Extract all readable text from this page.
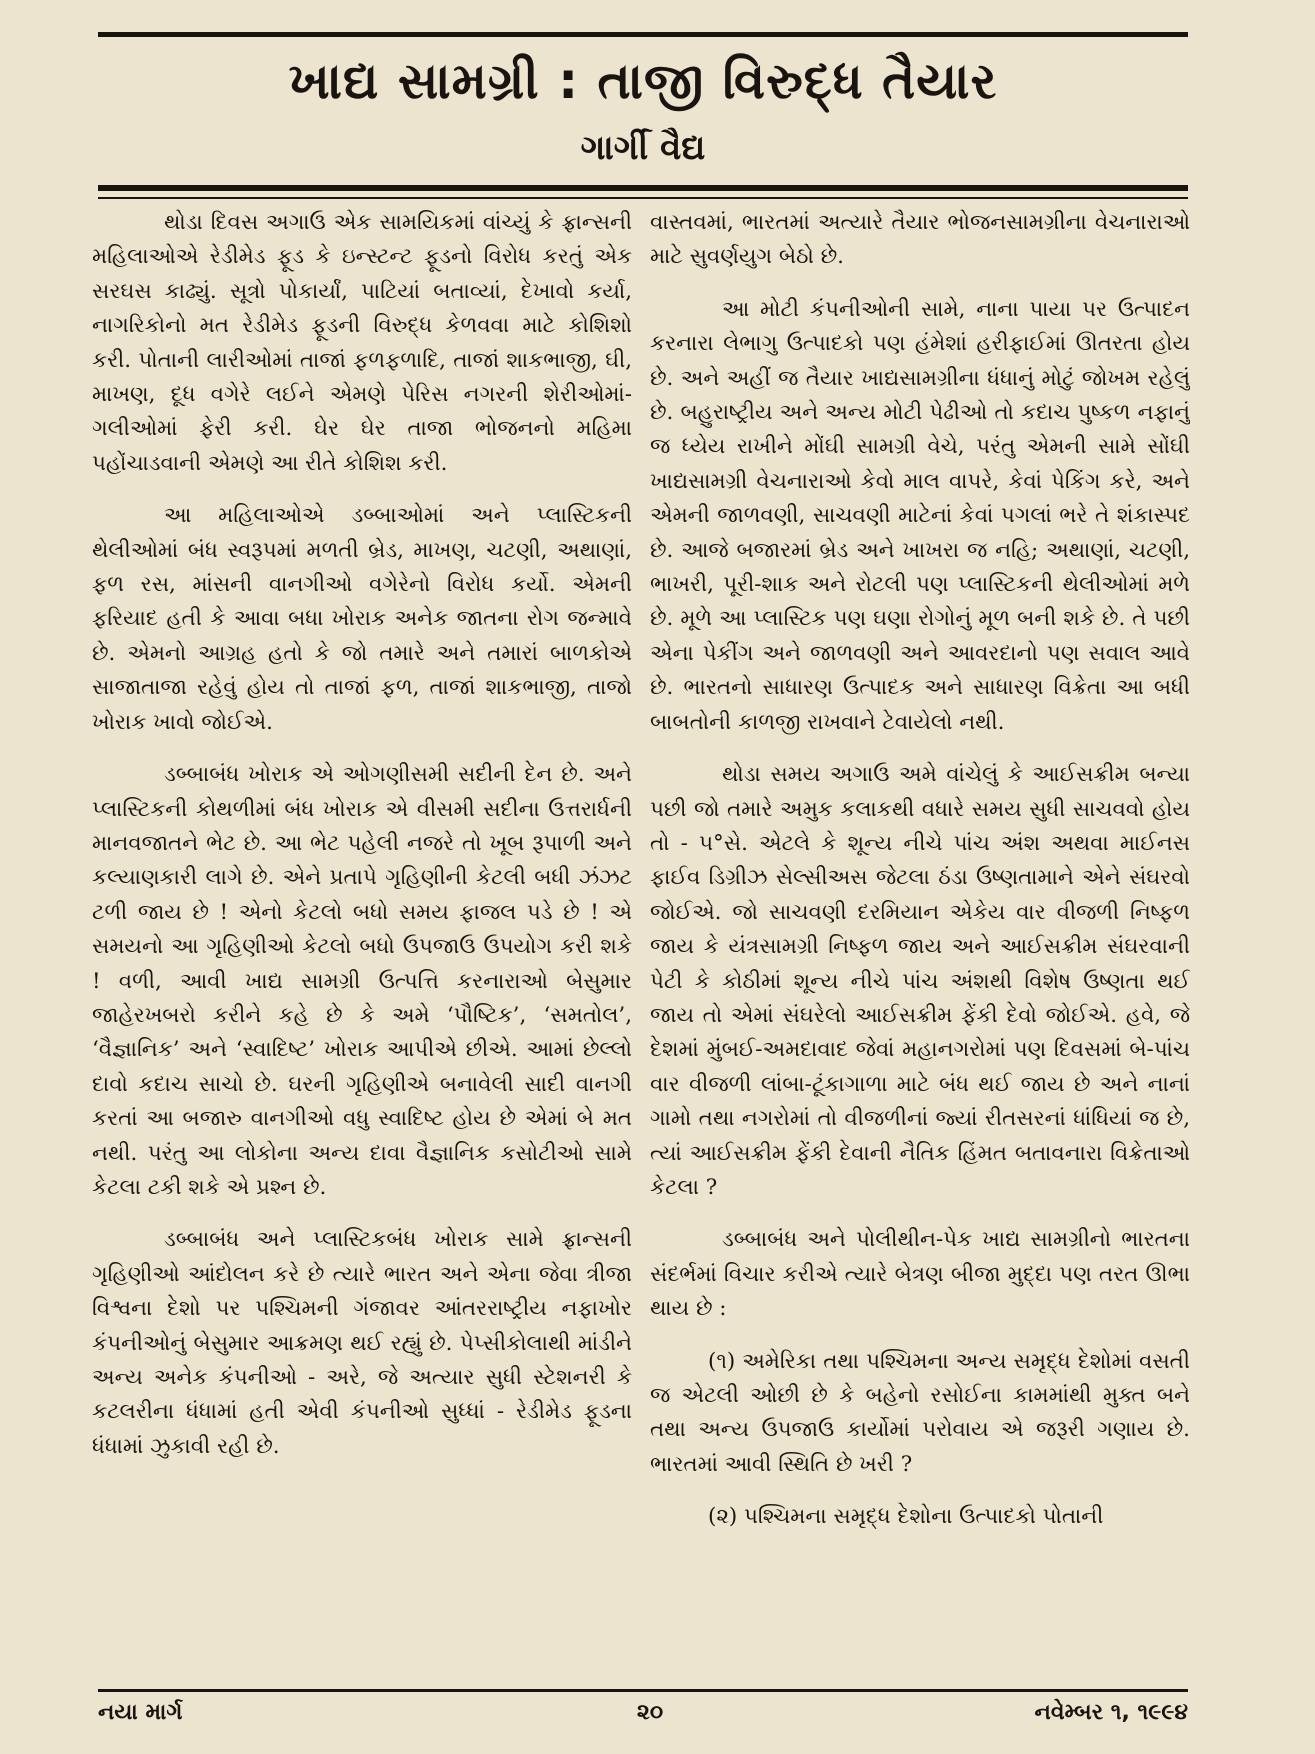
ખાદ્ય સામગ્રી : તાજી વિરુદ્ધ તૈયાર
ગાર્ગી વૈદ્ય

થોડા દિવસ અગાઉ એક સામયિકમાં વાંચ્યું કે ફ્રાન્સની મહિલાઓએ રેડીમેડ ફૂડ કે ઇન્સ્ટન્ટ ફૂડનો વિરોધ કરતું એક સરઘસ કાઢ્યું. સૂત્રો પોકાર્યાં, પાટિયાં બતાવ્યાં, દેખાવો કર્યા, નાગરિકોનો મત રેડીમેડ ફૂડની વિરુદ્ધ કેળવવા માટે કોશિશો કરી. પોતાની લારીઓમાં તાજાં ફળફળાદિ, તાજાં શાકભાજી, ઘી, માખણ, દૂધ વગેરે લઈને એમણે પેરિસ નગરની શેરીઓમાં-ગલીઓમાં ફેરી કરી. ઘેર ઘેર તાજા ભોજનનો મહિમા પહોંચાડવાની એમણે આ રીતે કોશિશ કરી.

આ મહિલાઓએ ડબ્બાઓમાં અને પ્લાસ્ટિકની થેલીઓમાં બંધ સ્વરૂપમાં મળતી બ્રેડ, માખણ, ચટણી, અથાણાં, ફળ રસ, માંસની વાનગીઓ વગેરેનો વિરોધ કર્યો. એમની ફરિયાદ હતી કે આવા બધા ખોરાક અનેક જાતના રોગ જન્માવે છે. એમનો આગ્રહ હતો કે જો તમારે અને તમારાં બાળકોએ સાજાતાજા રહેવું હોય તો તાજાં ફળ, તાજાં શાકભાજી, તાજો ખોરાક ખાવો જોઈએ.

ડબ્બાબંધ ખોરાક એ ઓગણીસમી સદીની દેન છે. અને પ્લાસ્ટિકની કોથળીમાં બંધ ખોરાક એ વીસમી સદીના ઉત્તરાર્ધની માનવજાતને ભેટ છે. આ ભેટ પહેલી નજરે તો ખૂબ રૂપાળી અને કલ્યાણકારી લાગે છે. એને પ્રતાપે ગૃહિણીની કેટલી બધી ઝંઝટ ટળી જાય છે ! એનો કેટલો બધો સમય ફાજલ પડે છે ! એ સમયનો આ ગૃહિણીઓ કેટલો બધો ઉપજાઉ ઉપયોગ કરી શકે ! વળી, આવી ખાદ્ય સામગ્રી ઉત્પત્તિ કરનારાઓ બેસુમાર જાહેરખબરો કરીને કહે છે કે અમે ‘પૌષ્ટિક’, ‘સમતોલ’, ‘વૈજ્ઞાનિક’ અને ‘સ્વાદિષ્ટ’ ખોરાક આપીએ છીએ. આમાં છેલ્લો દાવો કદાચ સાચો છે. ઘરની ગૃહિણીએ બનાવેલી સાદી વાનગી કરતાં આ બજારુ વાનગીઓ વધુ સ્વાદિષ્ટ હોય છે એમાં બે મત નથી. પરંતુ આ લોકોના અન્ય દાવા વૈજ્ઞાનિક કસોટીઓ સામે કેટલા ટકી શકે એ પ્રશ્ન છે.

ડબ્બાબંધ અને પ્લાસ્ટિકબંધ ખોરાક સામે ફ્રાન્સની ગૃહિણીઓ આંદોલન કરે છે ત્યારે ભારત અને એના જેવા ત્રીજા વિશ્વના દેશો પર પશ્ચિમની ગંજાવર આંતરરાષ્ટ્રીય નફાખોર કંપનીઓનું બેસુમાર આક્રમણ થઈ રહ્યું છે. પેપ્સીકોલાથી માંડીને અન્ય અનેક કંપનીઓ - અરે, જે અત્યાર સુધી સ્ટેશનરી કે કટલરીના ધંધામાં હતી એવી કંપનીઓ સુધ્ધાં - રેડીમેડ ફૂડના ધંધામાં ઝુકાવી રહી છે.

વાસ્તવમાં, ભારતમાં અત્યારે તૈયાર ભોજનસામગ્રીના વેચનારાઓ માટે સુવર્ણયુગ બેઠો છે.

આ મોટી કંપનીઓની સામે, નાના પાયા પર ઉત્પાદન કરનારા લેભાગુ ઉત્પાદકો પણ હંમેશાં હરીફાઈમાં ઊતરતા હોય છે. અને અહીં જ તૈયાર ખાદ્યસામગ્રીના ધંધાનું મોટું જોખમ રહેલું છે. બહુરાષ્ટ્રીય અને અન્ય મોટી પેઢીઓ તો કદાચ પુષ્કળ નફાનું જ ધ્યેય રાખીને મોંઘી સામગ્રી વેચે, પરંતુ એમની સામે સોંઘી ખાદ્યસામગ્રી વેચનારાઓ કેવો માલ વાપરે, કેવાં પેકિંગ કરે, અને એમની જાળવણી, સાચવણી માટેનાં કેવાં પગલાં ભરે તે શંકાસ્પદ છે. આજે બજારમાં બ્રેડ અને ખાખરા જ નહિ; અથાણાં, ચટણી, ભાખરી, પૂરી-શાક અને રોટલી પણ પ્લાસ્ટિકની થેલીઓમાં મળે છે. મૂળે આ પ્લાસ્ટિક પણ ઘણા રોગોનું મૂળ બની શકે છે. તે પછી એના પેકીંગ અને જાળવણી અને આવરદાનો પણ સવાલ આવે છે. ભારતનો સાધારણ ઉત્પાદક અને સાધારણ વિક્રેતા આ બધી બાબતોની કાળજી રાખવાને ટેવાયેલો નથી.

થોડા સમય અગાઉ અમે વાંચેલું કે આઈસક્રીમ બન્યા પછી જો તમારે અમુક કલાકથી વધારે સમય સુધી સાચવવો હોય તો - ૫°સે. એટલે કે શૂન્ય નીચે પાંચ અંશ અથવા માઈનસ ફાઈવ ડિગ્રીઝ સેલ્સીઅસ જેટલા ઠંડા ઉષ્ણતામાને એને સંઘરવો જોઈએ. જો સાચવણી દરમિયાન એકેય વાર વીજળી નિષ્ફળ જાય કે યંત્રસામગ્રી નિષ્ફળ જાય અને આઈસક્રીમ સંઘરવાની પેટી કે કોઠીમાં શૂન્ય નીચે પાંચ અંશથી વિશેષ ઉષ્ણતા થઈ જાય તો એમાં સંઘરેલો આઈસક્રીમ ફેંકી દેવો જોઈએ. હવે, જે દેશમાં મુંબઈ-અમદાવાદ જેવાં મહાનગરોમાં પણ દિવસમાં બે-પાંચ વાર વીજળી લાંબા-ટૂંકાગાળા માટે બંધ થઈ જાય છે અને નાનાં ગામો તથા નગરોમાં તો વીજળીનાં જ્યાં રીતસરનાં ધાંધિયાં જ છે, ત્યાં આઈસક્રીમ ફેંકી દેવાની નૈતિક હિંમત બતાવનારા વિક્રેતાઓ કેટલા ?

ડબ્બાબંધ અને પોલીથીન-પેક ખાદ્ય સામગ્રીનો ભારતના સંદર્ભમાં વિચાર કરીએ ત્યારે બેત્રણ બીજા મુદ્દા પણ તરત ઊભા થાય છે :

(૧) અમેરિકા તથા પશ્ચિમના અન્ય સમૃદ્ધ દેશોમાં વસતી જ એટલી ઓછી છે કે બહેનો રસોઈના કામમાંથી મુક્ત બને તથા અન્ય ઉપજાઉ કાર્યોમાં પરોવાય એ જરૂરી ગણાય છે. ભારતમાં આવી સ્થિતિ છે ખરી ?

(૨) પશ્ચિમના સમૃદ્ધ દેશોના ઉત્પાદકો પોતાની

નયા માર્ગ	૨૦	નવેમ્બર ૧, ૧૯૯૪
